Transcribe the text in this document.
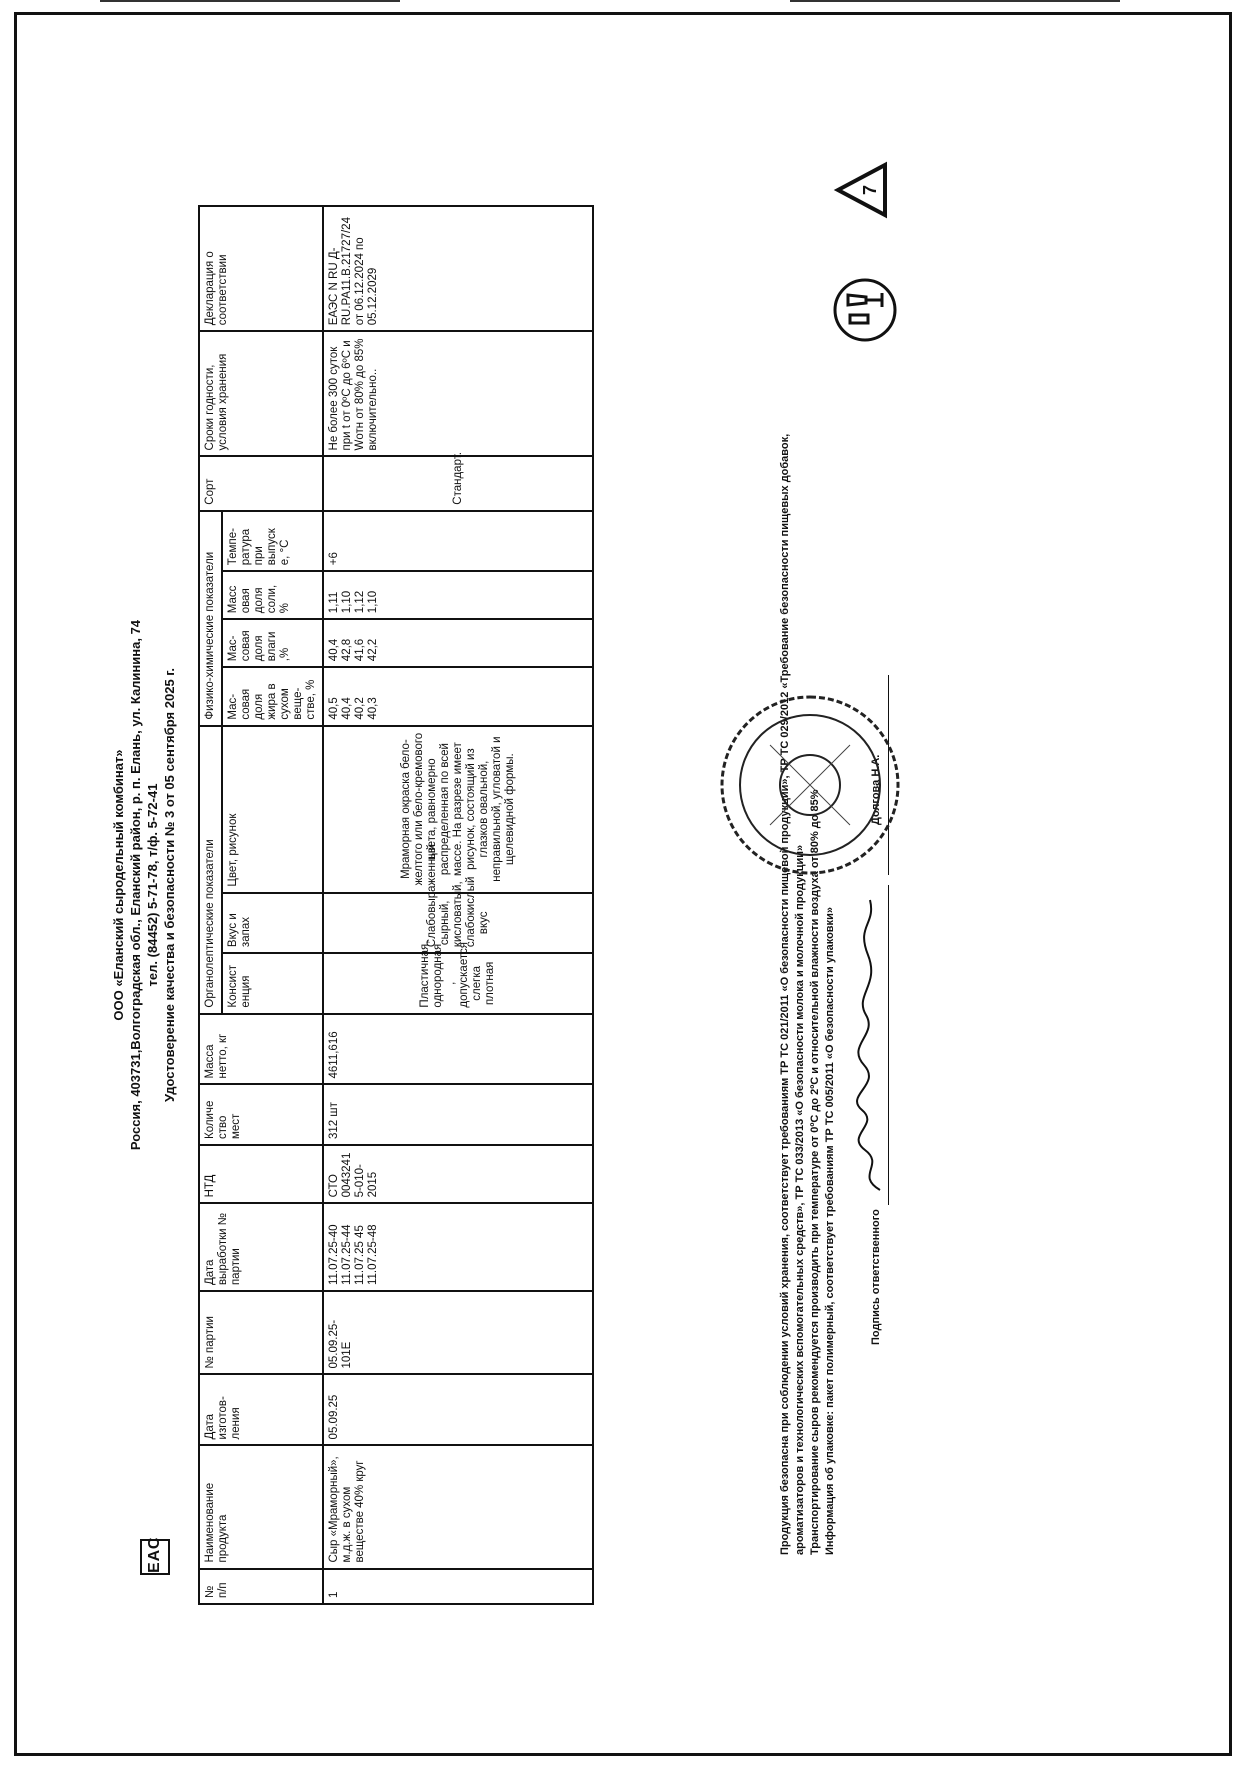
ООО «Еланский сыродельный комбинат» Россия, 403731,Волгоградская обл., Еланский район, р. п. Елань, ул. Калинина, 74 тел. (84452) 5-71-78, т/ф. 5-72-41 Удостоверение качества и безопасности № 3 от 05 сентября 2025 г.
ЕАС
№ п/п	Наименование продукта	Дата изготов-ления	№ партии	Дата выработки № партии	НТД	Количе ство мест	Масса нетто, кг	Органолептические показатели			Физико-химические показатели				Сорт	Сроки годности, условия хранения	Декларация о соответствии
								Консист енция	Вкус и запах	Цвет, рисунок	Мас-совая доля жира в сухом веще-стве, %	Мас-совая доля влаги ,%	Масс овая доля соли, %	Темпе-ратура при выпуск е, °С			
1	Сыр «Мраморный», м.д.ж. в сухом веществе 40% круг	05.09.25	05.09.25-101Е	11.07.25-40
11.07.25-44
11.07.25 45
11.07.25-48	СТО 0043241 5-010-2015	312 шт	4611,616	Пластичная, однородная , допускается слегка плотная	Слабовыраженный сырный, кисловатый, слабокислый вкус	Мраморная окраска бело-желтого или бело-кремового цвета, равномерно распределенная по всей массе. На разрезе имеет рисунок, состоящий из глазков овальной, неправильной, угловатой и щелевидной формы.	40,5
40,4
40,2
40,3	40,4
42,8
41,6
42,2	1,11
1,10
1,12
1,10	+6	Стандарт.	Не более 300 суток при t от 0ºС до 6ºС и Wотн от 80% до 85% включительно..	ЕАЭС N RU Д-RU.PA11.B.21727/24 от 06.12.2024 по 05.12.2029
Продукция безопасна при соблюдении условий хранения, соответствует требованиям ТР ТС 021/2011 «О безопасности пищевой продукции», ТР ТС 029/2012 «Требование безопасности пищевых добавок, ароматизаторов и технологических вспомогательных средств», ТР ТС 033/2013 «О безопасности молока и молочной продукции» Транспортирование сыров рекомендуется производить при температуре от 0ºС до 2ºС и относительной влажности воздуха от 80% до 85% Информация об упаковке: пакет полимерный, соответствует требованиям ТР ТС 005/2011 «О безопасности упаковки»	Подпись ответственного
Долгова Н.А.
7
